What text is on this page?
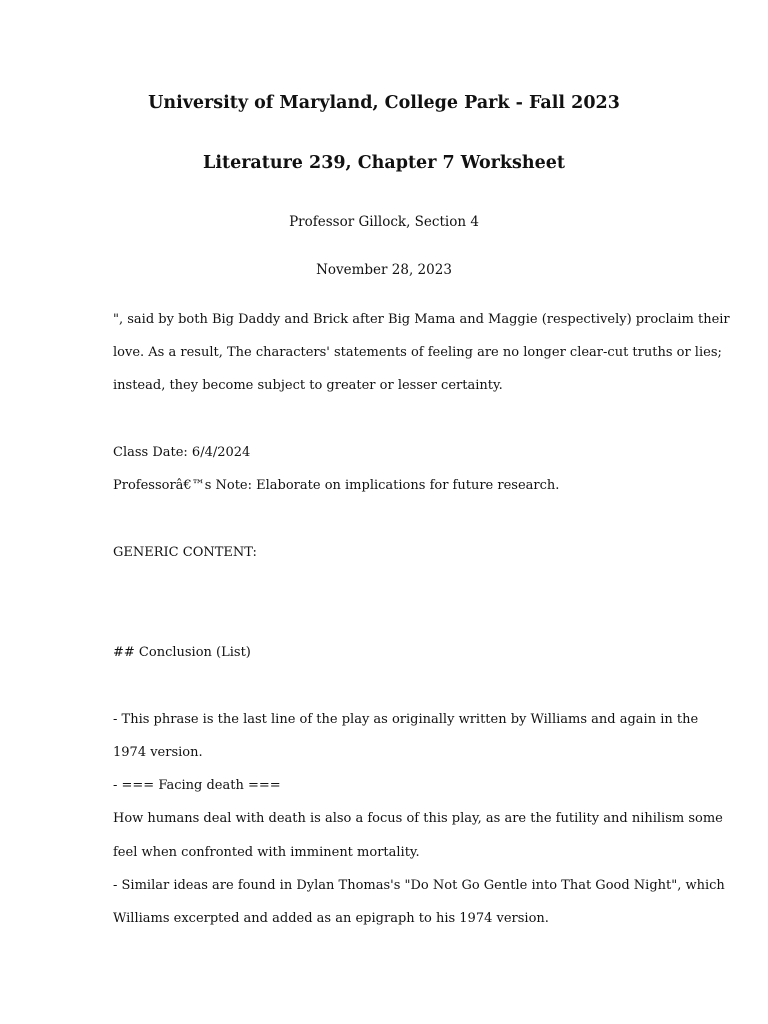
University of Maryland, College Park - Fall 2023
Literature 239, Chapter 7 Worksheet
Professor Gillock, Section 4
November 28, 2023
", said by both Big Daddy and Brick after Big Mama and Maggie (respectively) proclaim their
love. As a result, The characters' statements of feeling are no longer clear-cut truths or lies;
instead, they become subject to greater or lesser certainty.
Class Date: 6/4/2024
Professorâ€™s Note: Elaborate on implications for future research.
GENERIC CONTENT:
## Conclusion (List)
- This phrase is the last line of the play as originally written by Williams and again in the
1974 version.
- === Facing death ===
How humans deal with death is also a focus of this play, as are the futility and nihilism some
feel when confronted with imminent mortality.
- Similar ideas are found in Dylan Thomas's "Do Not Go Gentle into That Good Night", which
Williams excerpted and added as an epigraph to his 1974 version.
